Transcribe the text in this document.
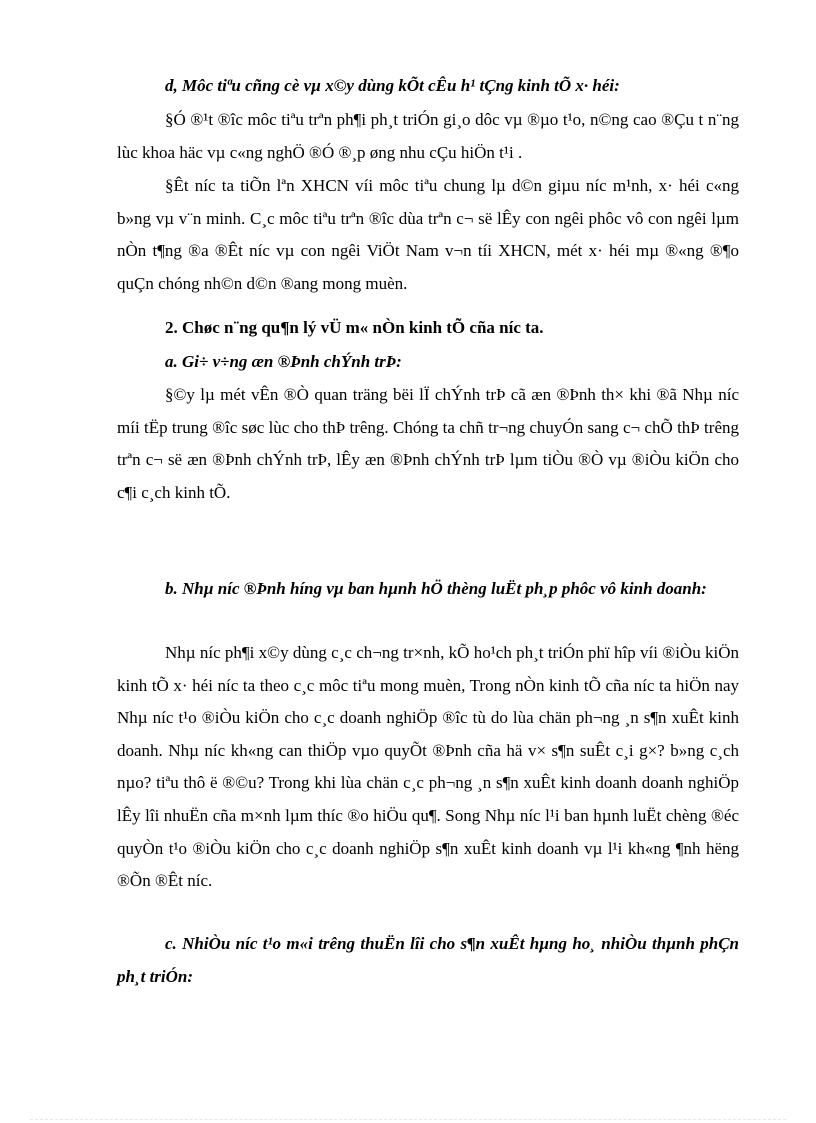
d, Môc tiªu cñng cè vµ x©y dùng kÕt cÊu h¹ tÇng kinh tÕ x· héi:

§Ó ®¹t ®îc môc tiªu trªn ph¶i ph¸t triÓn gi¸o dôc vµ ®µo t¹o, n©ng cao ®Çu t n¨ng lùc khoa häc vµ c«ng nghÖ ®Ó ®¸p øng nhu cÇu hiÖn t¹i .

§Êt níc ta tiÕn lªn XHCN víi môc tiªu chung lµ d©n giµu níc m¹nh, x· héi c«ng b»ng vµ v¨n minh. C¸c môc tiªu trªn ®îc dùa trªn c¬ së lÊy con ngêi phôc vô con ngêi lµm nÒn t¶ng ®a ®Êt níc vµ con ngêi ViÖt Nam v¬n tíi XHCN, mét x· héi mµ ®«ng ®¶o quÇn chóng nh©n d©n ®ang mong muèn.

2. Chøc n¨ng qu¶n lý vÜ m« nÒn kinh tÕ cña níc ta.

a. Gi÷ v÷ng æn ®Þnh chÝnh trÞ:

§©y lµ mét vÊn ®Ò quan träng bëi lÏ chÝnh trÞ cã æn ®Þnh th× khi ®ã Nhµ níc míi tËp trung ®îc søc lùc cho thÞ trêng. Chóng ta chñ tr¬ng chuyÓn sang c¬ chÕ thÞ trêng trªn c¬ së æn ®Þnh chÝnh trÞ, lÊy æn ®Þnh chÝnh trÞ lµm tiÒu ®Ò vµ ®iÒu kiÖn cho c¶i c¸ch kinh tÕ.

b. Nhµ níc ®Þnh híng vµ ban hµnh hÖ thèng luËt ph¸p phôc vô kinh doanh:

Nhµ níc ph¶i x©y dùng c¸c ch¬ng tr×nh, kÕ ho¹ch ph¸t triÓn phï hîp víi ®iÒu kiÖn kinh tÕ x· héi níc ta theo c¸c môc tiªu mong muèn, Trong nÒn kinh tÕ cña níc ta hiÖn nay Nhµ níc t¹o ®iÒu kiÖn cho c¸c doanh nghiÖp ®îc tù do lùa chän ph¬ng ¸n s¶n xuÊt kinh doanh. Nhµ níc kh«ng can thiÖp vµo quyÕt ®Þnh cña hä v× s¶n suÊt c¸i g×? b»ng c¸ch nµo? tiªu thô ë ®©u? Trong khi lùa chän c¸c ph¬ng ¸n s¶n xuÊt kinh doanh doanh nghiÖp lÊy lîi nhuËn cña m×nh lµm thíc ®o hiÖu qu¶. Song Nhµ níc l¹i ban hµnh luËt chèng ®éc quyÒn t¹o ®iÒu kiÖn cho c¸c doanh nghiÖp s¶n xuÊt kinh doanh vµ l¹i kh«ng ¶nh hëng ®Õn ®Êt níc.

c. NhiÒu níc t¹o m«i trêng thuËn lîi cho s¶n xuÊt hµng ho¸ nhiÒu thµnh phÇn ph¸t triÓn:
